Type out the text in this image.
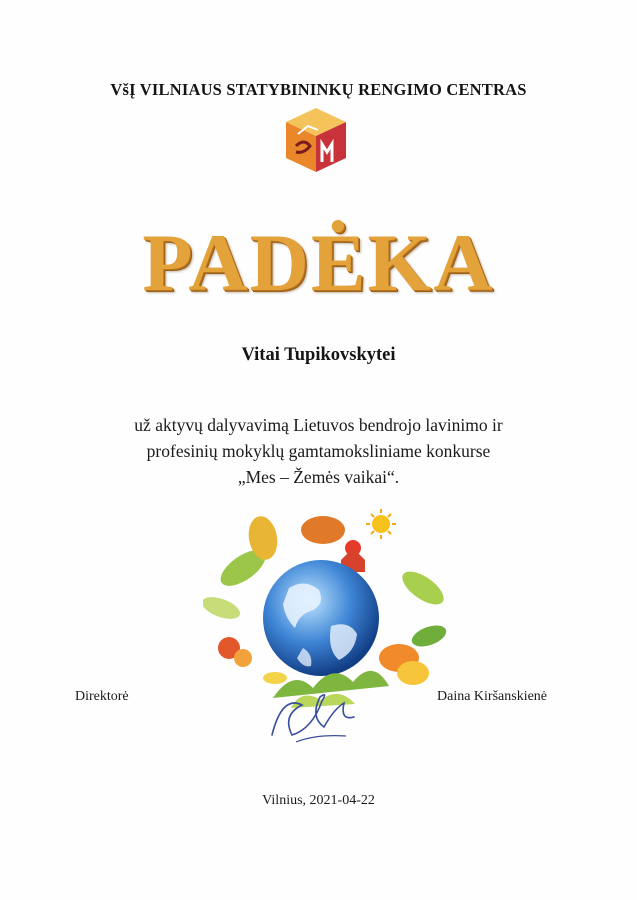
VšĮ VILNIAUS STATYBININKŲ RENGIMO CENTRAS
PADĖKA
Vitai Tupikovskytei
už aktyvų dalyvavimą Lietuvos bendrojo lavinimo ir
profesinių mokyklų gamtamoksliniame konkurse
„Mes – Žemės vaikai“.
Direktorė	Daina Kiršanskienė
Vilnius, 2021-04-22
